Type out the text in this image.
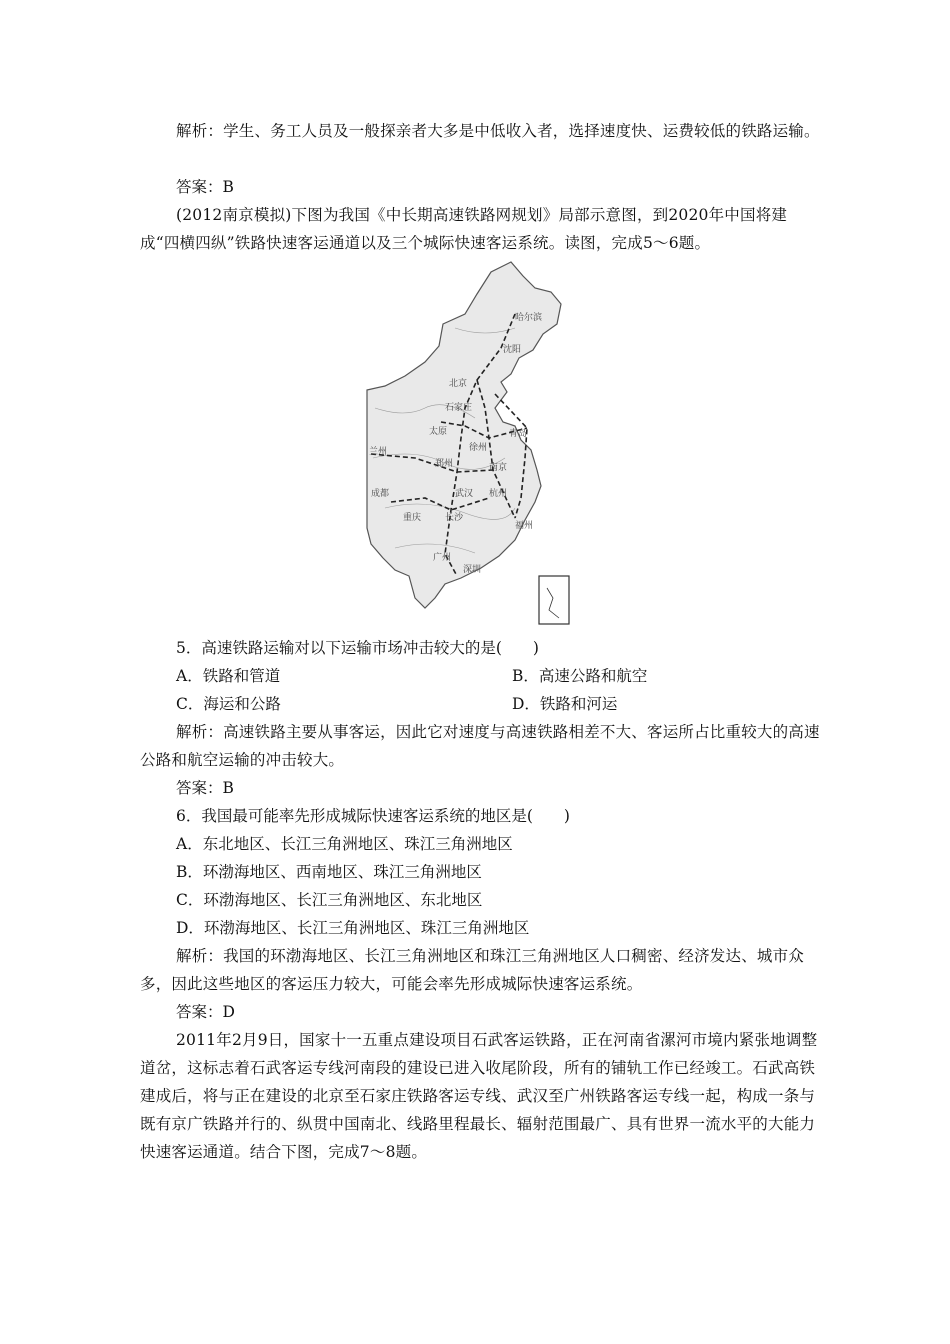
解析：学生、务工人员及一般探亲者大多是中低收入者，选择速度快、运费较低的铁路运输。
答案：B
(2012南京模拟)下图为我国《中长期高速铁路网规划》局部示意图，到2020年中国将建成“四横四纵”铁路快速客运通道以及三个城际快速客运系统。读图，完成5～6题。
哈尔滨
沈阳
北京
石家庄
太原	青岛
徐州
兰州
郑州	南京
成都	武汉 杭州
重庆	长沙
福州
广州
深圳
5．高速铁路运输对以下运输市场冲击较大的是(　　)
A．铁路和管道	B．高速公路和航空
C．海运和公路	D．铁路和河运
解析：高速铁路主要从事客运，因此它对速度与高速铁路相差不大、客运所占比重较大的高速公路和航空运输的冲击较大。
答案：B
6．我国最可能率先形成城际快速客运系统的地区是(　　)
A．东北地区、长江三角洲地区、珠江三角洲地区
B．环渤海地区、西南地区、珠江三角洲地区
C．环渤海地区、长江三角洲地区、东北地区
D．环渤海地区、长江三角洲地区、珠江三角洲地区
解析：我国的环渤海地区、长江三角洲地区和珠江三角洲地区人口稠密、经济发达、城市众多，因此这些地区的客运压力较大，可能会率先形成城际快速客运系统。
答案：D
2011年2月9日，国家十一五重点建设项目石武客运铁路，正在河南省漯河市境内紧张地调整道岔，这标志着石武客运专线河南段的建设已进入收尾阶段，所有的铺轨工作已经竣工。石武高铁建成后，将与正在建设的北京至石家庄铁路客运专线、武汉至广州铁路客运专线一起，构成一条与既有京广铁路并行的、纵贯中国南北、线路里程最长、辐射范围最广、具有世界一流水平的大能力快速客运通道。结合下图，完成7～8题。
